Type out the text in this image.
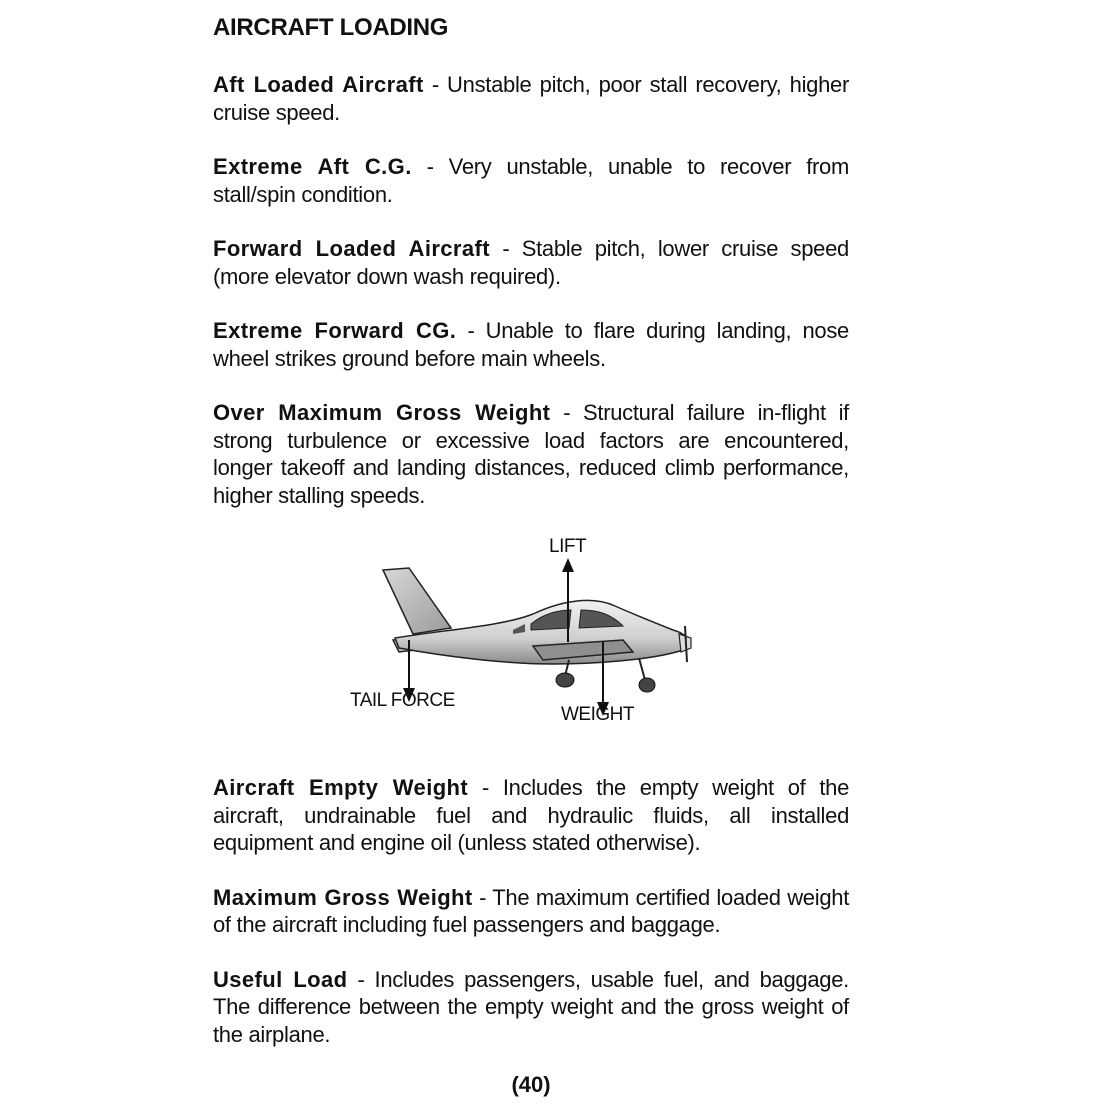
AIRCRAFT LOADING
Aft Loaded Aircraft - Unstable pitch, poor stall recovery, higher cruise speed.
Extreme Aft C.G. - Very unstable, unable to recover from stall/spin condition.
Forward Loaded Aircraft - Stable pitch, lower cruise speed (more elevator down wash required).
Extreme Forward CG. - Unable to flare during landing, nose wheel strikes ground before main wheels.
Over Maximum Gross Weight - Structural failure in-flight if strong turbulence or excessive load factors are encountered, longer takeoff and landing distances, reduced climb performance, higher stalling speeds.
LIFT
TAIL FORCE
WEIGHT
Aircraft Empty Weight - Includes the empty weight of the aircraft, undrainable fuel and hydraulic fluids, all installed equipment and engine oil (unless stated otherwise).
Maximum Gross Weight - The maximum certified loaded weight of the aircraft including fuel passengers and baggage.
Useful Load - Includes passengers, usable fuel, and baggage. The difference between the empty weight and the gross weight of the airplane.
(40)
